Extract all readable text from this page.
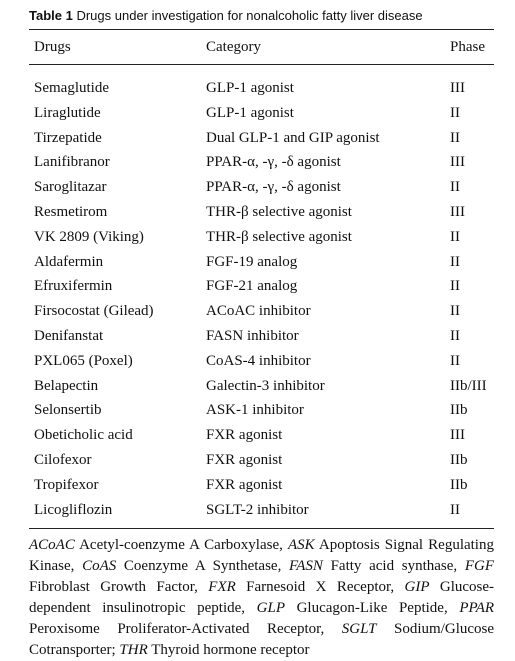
Table 1 Drugs under investigation for nonalcoholic fatty liver disease
Drugs	Category	Phase
Semaglutide	GLP-1 agonist	III
Liraglutide	GLP-1 agonist	II
Tirzepatide	Dual GLP-1 and GIP agonist	II
Lanifibranor	PPAR-α, -γ, -δ agonist	III
Saroglitazar	PPAR-α, -γ, -δ agonist	II
Resmetirom	THR-β selective agonist	III
VK 2809 (Viking)	THR-β selective agonist	II
Aldafermin	FGF-19 analog	II
Efruxifermin	FGF-21 analog	II
Firsocostat (Gilead)	ACoAC inhibitor	II
Denifanstat	FASN inhibitor	II
PXL065 (Poxel)	CoAS-4 inhibitor	II
Belapectin	Galectin-3 inhibitor	IIb/III
Selonsertib	ASK-1 inhibitor	IIb
Obeticholic acid	FXR agonist	III
Cilofexor	FXR agonist	IIb
Tropifexor	FXR agonist	IIb
Licogliflozin	SGLT-2 inhibitor	II
ACoAC Acetyl-coenzyme A Carboxylase, ASK Apoptosis Signal Regulating Kinase, CoAS Coenzyme A Synthetase, FASN Fatty acid synthase, FGF Fibroblast Growth Factor, FXR Farnesoid X Receptor, GIP Glucose-dependent insulinotropic peptide, GLP Glucagon-Like Peptide, PPAR Peroxisome Proliferator-Activated Receptor, SGLT Sodium/Glucose Cotransporter; THR Thyroid hormone receptor
